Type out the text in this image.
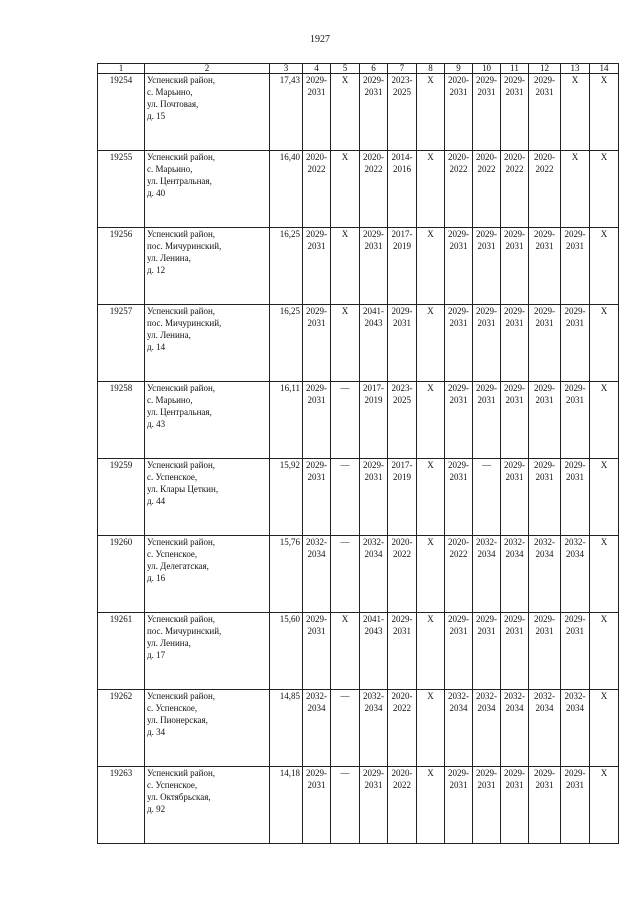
1927
1	2	3	4	5	6	7	8	9	10	11	12	13	14
19254	Успенский район,
с. Марьино,
ул. Почтовая,
д. 15	17,43	2029-
2031	X	2029-
2031	2023-
2025	X	2020-
2031	2029-
2031	2029-
2031	2029-
2031	X	X
19255	Успенский район,
с. Марьино,
ул. Центральная,
д. 40	16,40	2020-
2022	X	2020-
2022	2014-
2016	X	2020-
2022	2020-
2022	2020-
2022	2020-
2022	X	X
19256	Успенский район,
пос. Мичуринский,
ул. Ленина,
д. 12	16,25	2029-
2031	X	2029-
2031	2017-
2019	X	2029-
2031	2029-
2031	2029-
2031	2029-
2031	2029-
2031	X
19257	Успенский район,
пос. Мичуринский,
ул. Ленина,
д. 14	16,25	2029-
2031	X	2041-
2043	2029-
2031	X	2029-
2031	2029-
2031	2029-
2031	2029-
2031	2029-
2031	X
19258	Успенский район,
с. Марьино,
ул. Центральная,
д. 43	16,11	2029-
2031	—	2017-
2019	2023-
2025	X	2029-
2031	2029-
2031	2029-
2031	2029-
2031	2029-
2031	X
19259	Успенский район,
с. Успенское,
ул. Клары Цеткин,
д. 44	15,92	2029-
2031	—	2029-
2031	2017-
2019	X	2029-
2031	—	2029-
2031	2029-
2031	2029-
2031	X
19260	Успенский район,
с. Успенское,
ул. Делегатская,
д. 16	15,76	2032-
2034	—	2032-
2034	2020-
2022	X	2020-
2022	2032-
2034	2032-
2034	2032-
2034	2032-
2034	X
19261	Успенский район,
пос. Мичуринский,
ул. Ленина,
д. 17	15,60	2029-
2031	X	2041-
2043	2029-
2031	X	2029-
2031	2029-
2031	2029-
2031	2029-
2031	2029-
2031	X
19262	Успенский район,
с. Успенское,
ул. Пионерская,
д. 34	14,85	2032-
2034	—	2032-
2034	2020-
2022	X	2032-
2034	2032-
2034	2032-
2034	2032-
2034	2032-
2034	X
19263	Успенский район,
с. Успенское,
ул. Октябрьская,
д. 92	14,18	2029-
2031	—	2029-
2031	2020-
2022	X	2029-
2031	2029-
2031	2029-
2031	2029-
2031	2029-
2031	X
